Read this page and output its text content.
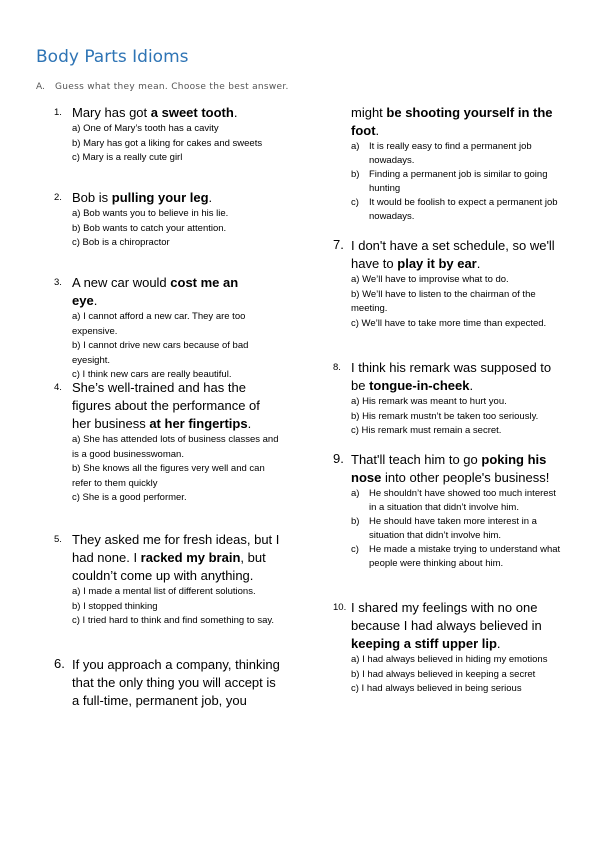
Body Parts Idioms
A. Guess what they mean. Choose the best answer.
1. Mary has got a sweet tooth.
a) One of Mary’s tooth has a cavity
b) Mary has got a liking for cakes and sweets
c) Mary is a really cute girl
2. Bob is pulling your leg.
a) Bob wants you to believe in his lie.
b) Bob wants to catch your attention.
c) Bob is a chiropractor
3. A new car would cost me an eye.
a) I cannot afford a new car. They are too expensive.
b) I cannot drive new cars because of bad eyesight.
c) I think new cars are really beautiful.
4. She’s well-trained and has the figures about the performance of her business at her fingertips.
a) She has attended lots of business classes and is a good businesswoman.
b) She knows all the figures very well and can refer to them quickly
c) She is a good performer.
5. They asked me for fresh ideas, but I had none. I racked my brain, but couldn’t come up with anything.
a) I made a mental list of different solutions.
b) I stopped thinking
c) I tried hard to think and find something to say.
6. If you approach a company, thinking that the only thing you will accept is a full-time, permanent job, you
might be shooting yourself in the foot.
a) It is really easy to find a permanent job nowadays.
b) Finding a permanent job is similar to going hunting
c) It would be foolish to expect a permanent job nowadays.
7. I don't have a set schedule, so we'll have to play it by ear.
a) We’ll have to improvise what to do.
b) We’ll have to listen to the chairman of the meeting.
c) We’ll have to take more time than expected.
8. I think his remark was supposed to be tongue-in-cheek.
a) His remark was meant to hurt you.
b) His remark mustn’t be taken too seriously.
c) His remark must remain a secret.
9. That'll teach him to go poking his nose into other people's business!
a) He shouldn’t have showed too much interest in a situation that didn’t involve him.
b) He should have taken more interest in a situation that didn’t involve him.
c) He made a mistake trying to understand what people were thinking about him.
10. I shared my feelings with no one because I had always believed in keeping a stiff upper lip.
a) I had always believed in hiding my emotions
b) I had always believed in keeping a secret
c) I had always believed in being serious
